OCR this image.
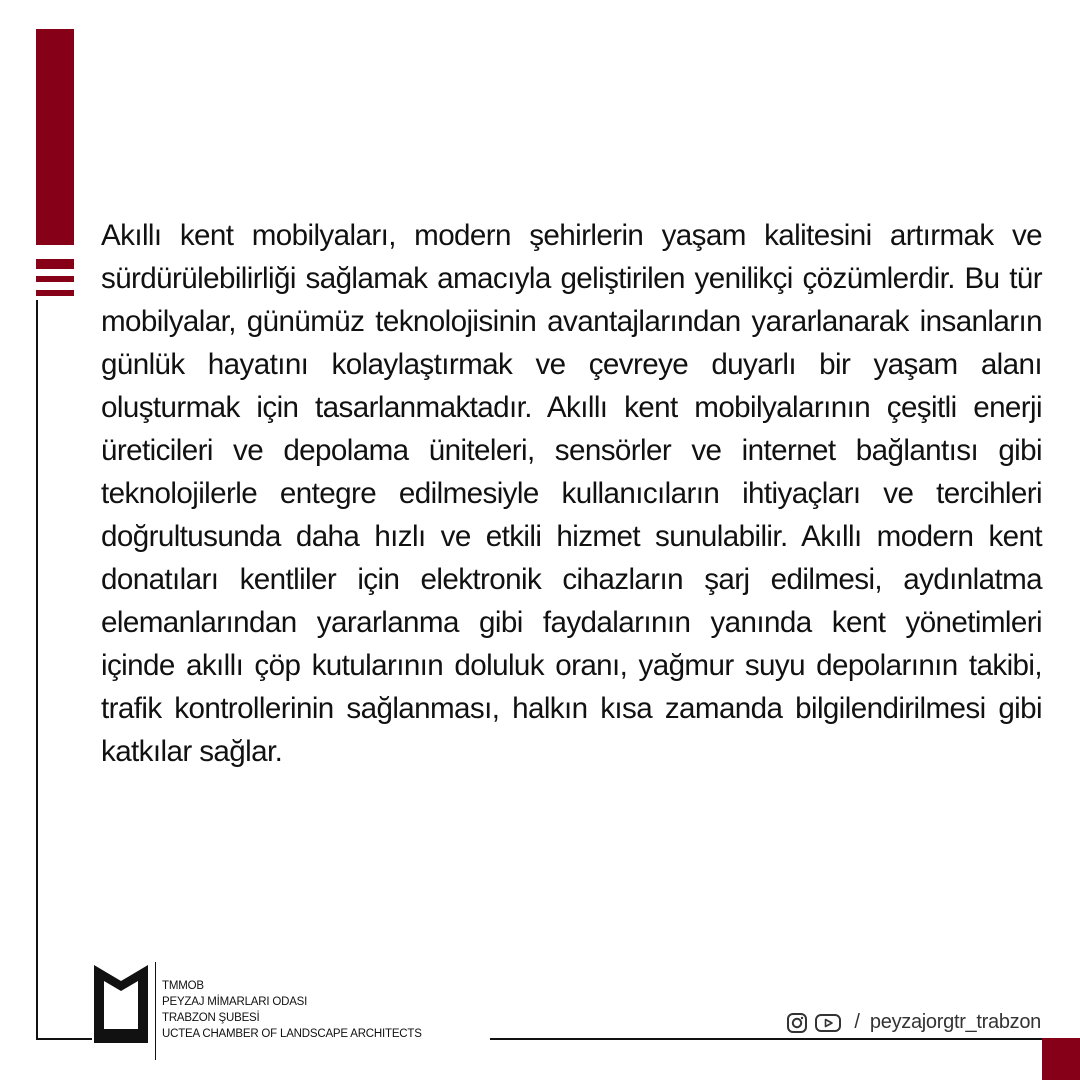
Akıllı kent mobilyaları, modern şehirlerin yaşam kalitesini artırmak ve sürdürülebilirliği sağlamak amacıyla geliştirilen yenilikçi çözümlerdir. Bu tür mobilyalar, günümüz teknolojisinin avantajlarından yararlanarak insanların günlük hayatını kolaylaştırmak ve çevreye duyarlı bir yaşam alanı oluşturmak için tasarlanmaktadır. Akıllı kent mobilyalarının çeşitli enerji üreticileri ve depolama üniteleri, sensörler ve internet bağlantısı gibi teknolojilerle entegre edilmesiyle kullanıcıların ihtiyaçları ve tercihleri doğrultusunda daha hızlı ve etkili hizmet sunulabilir. Akıllı modern kent donatıları kentliler için elektronik cihazların şarj edilmesi, aydınlatma elemanlarından yararlanma gibi faydalarının yanında kent yönetimleri içinde akıllı çöp kutularının doluluk oranı, yağmur suyu depolarının takibi, trafik kontrollerinin sağlanması, halkın kısa zamanda bilgilendirilmesi gibi katkılar sağlar.

TMMOB
PEYZAJ MİMARLARI ODASI
TRABZON ŞUBESİ
UCTEA CHAMBER OF LANDSCAPE ARCHITECTS
/ peyzajorgtr_trabzon
